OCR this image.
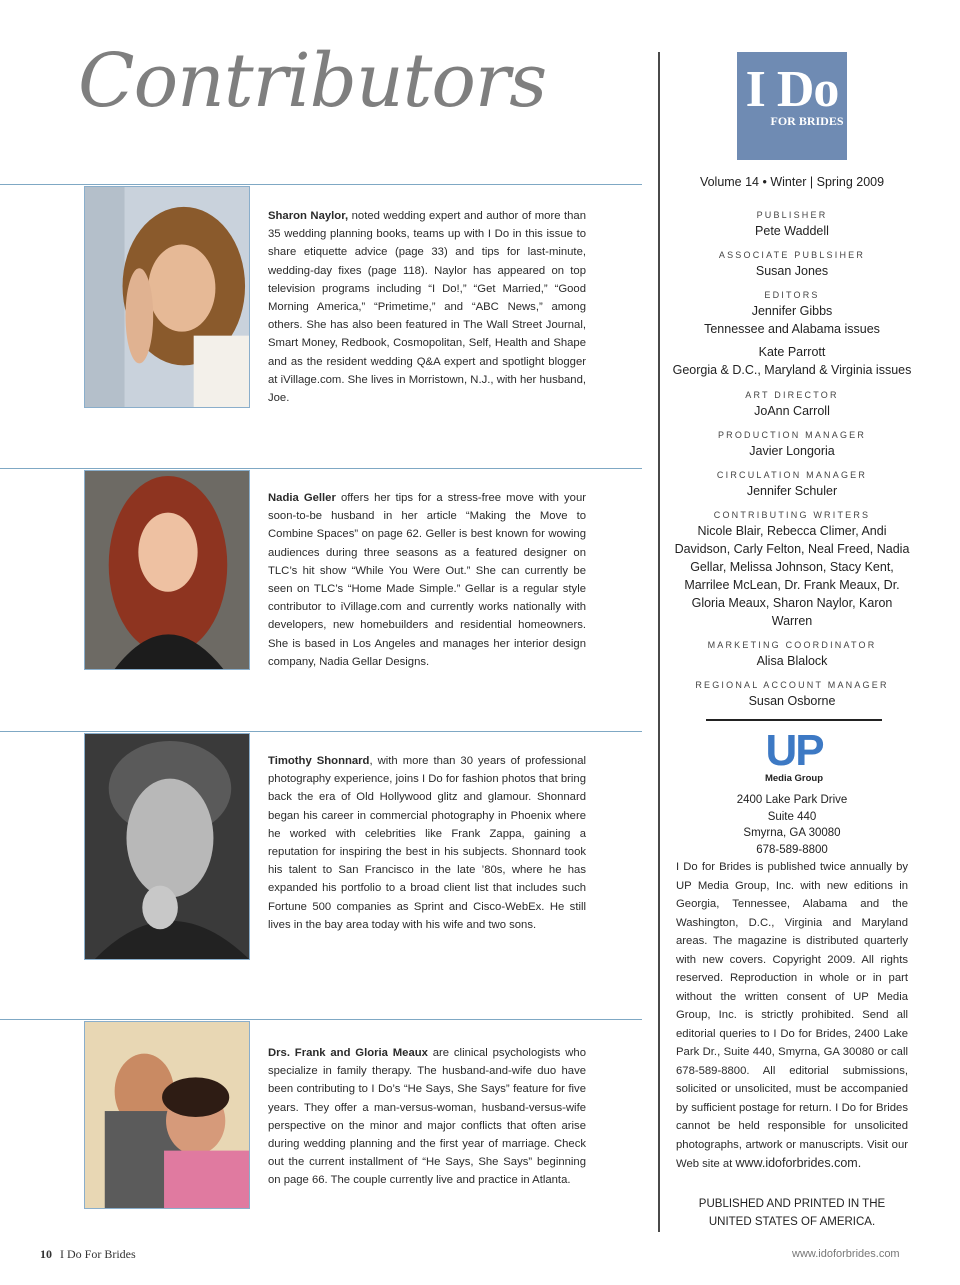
Contributors
Sharon Naylor, noted wedding expert and author of more than 35 wedding planning books, teams up with I Do in this issue to share etiquette advice (page 33) and tips for last-minute, wedding-day fixes (page 118). Naylor has appeared on top television programs including “I Do!,” “Get Married,” “Good Morning America,” “Primetime,” and “ABC News,” among others. She has also been featured in The Wall Street Journal, Smart Money, Redbook, Cosmopolitan, Self, Health and Shape and as the resident wedding Q&A expert and spotlight blogger at iVillage.com. She lives in Morristown, N.J., with her husband, Joe.
Nadia Geller offers her tips for a stress-free move with your soon-to-be husband in her article “Making the Move to Combine Spaces” on page 62. Geller is best known for wowing audiences during three seasons as a featured designer on TLC’s hit show “While You Were Out.” She can currently be seen on TLC’s “Home Made Simple.” Gellar is a regular style contributor to iVillage.com and currently works nationally with developers, new homebuilders and residential homeowners. She is based in Los Angeles and manages her interior design company, Nadia Gellar Designs.
Timothy Shonnard, with more than 30 years of professional photography experience, joins I Do for fashion photos that bring back the era of Old Hollywood glitz and glamour. Shonnard began his career in commercial photography in Phoenix where he worked with celebrities like Frank Zappa, gaining a reputation for inspiring the best in his subjects. Shonnard took his talent to San Francisco in the late ’80s, where he has expanded his portfolio to a broad client list that includes such Fortune 500 companies as Sprint and Cisco-WebEx. He still lives in the bay area today with his wife and two sons.
Drs. Frank and Gloria Meaux are clinical psychologists who specialize in family therapy. The husband-and-wife duo have been contributing to I Do’s “He Says, She Says” feature for five years. They offer a man-versus-woman, husband-versus-wife perspective on the minor and major conflicts that often arise during wedding planning and the first year of marriage. Check out the current installment of “He Says, She Says” beginning on page 66. The couple currently live and practice in Atlanta.
I Do
FOR BRIDES
Volume 14 • Winter | Spring 2009
PUBLISHER
Pete Waddell
ASSOCIATE PUBLSIHER
Susan Jones
EDITORS
Jennifer Gibbs
Tennessee and Alabama issues
Kate Parrott
Georgia & D.C., Maryland & Virginia issues
ART DIRECTOR
JoAnn Carroll
PRODUCTION MANAGER
Javier Longoria
CIRCULATION MANAGER
Jennifer Schuler
CONTRIBUTING WRITERS
Nicole Blair, Rebecca Climer, Andi Davidson, Carly Felton, Neal Freed, Nadia Gellar, Melissa Johnson, Stacy Kent, Marrilee McLean, Dr. Frank Meaux, Dr. Gloria Meaux, Sharon Naylor, Karon Warren
MARKETING COORDINATOR
Alisa Blalock
REGIONAL ACCOUNT MANAGER
Susan Osborne
UP
Media Group
2400 Lake Park Drive
Suite 440
Smyrna, GA 30080
678-589-8800
I Do for Brides is published twice annually by UP Media Group, Inc. with new editions in Georgia, Tennessee, Alabama and the Washington, D.C., Virginia and Maryland areas. The magazine is distributed quarterly with new covers. Copyright 2009. All rights reserved. Reproduction in whole or in part without the written consent of UP Media Group, Inc. is strictly prohibited. Send all editorial queries to I Do for Brides, 2400 Lake Park Dr., Suite 440, Smyrna, GA 30080 or call 678-589-8800. All editorial submissions, solicited or unsolicited, must be accompanied by sufficient postage for return. I Do for Brides cannot be held responsible for unsolicited photographs, artwork or manuscripts. Visit our Web site at www.idoforbrides.com.
PUBLISHED AND PRINTED IN THE UNITED STATES OF AMERICA.
10 I Do For Brides	www.idoforbrides.com
